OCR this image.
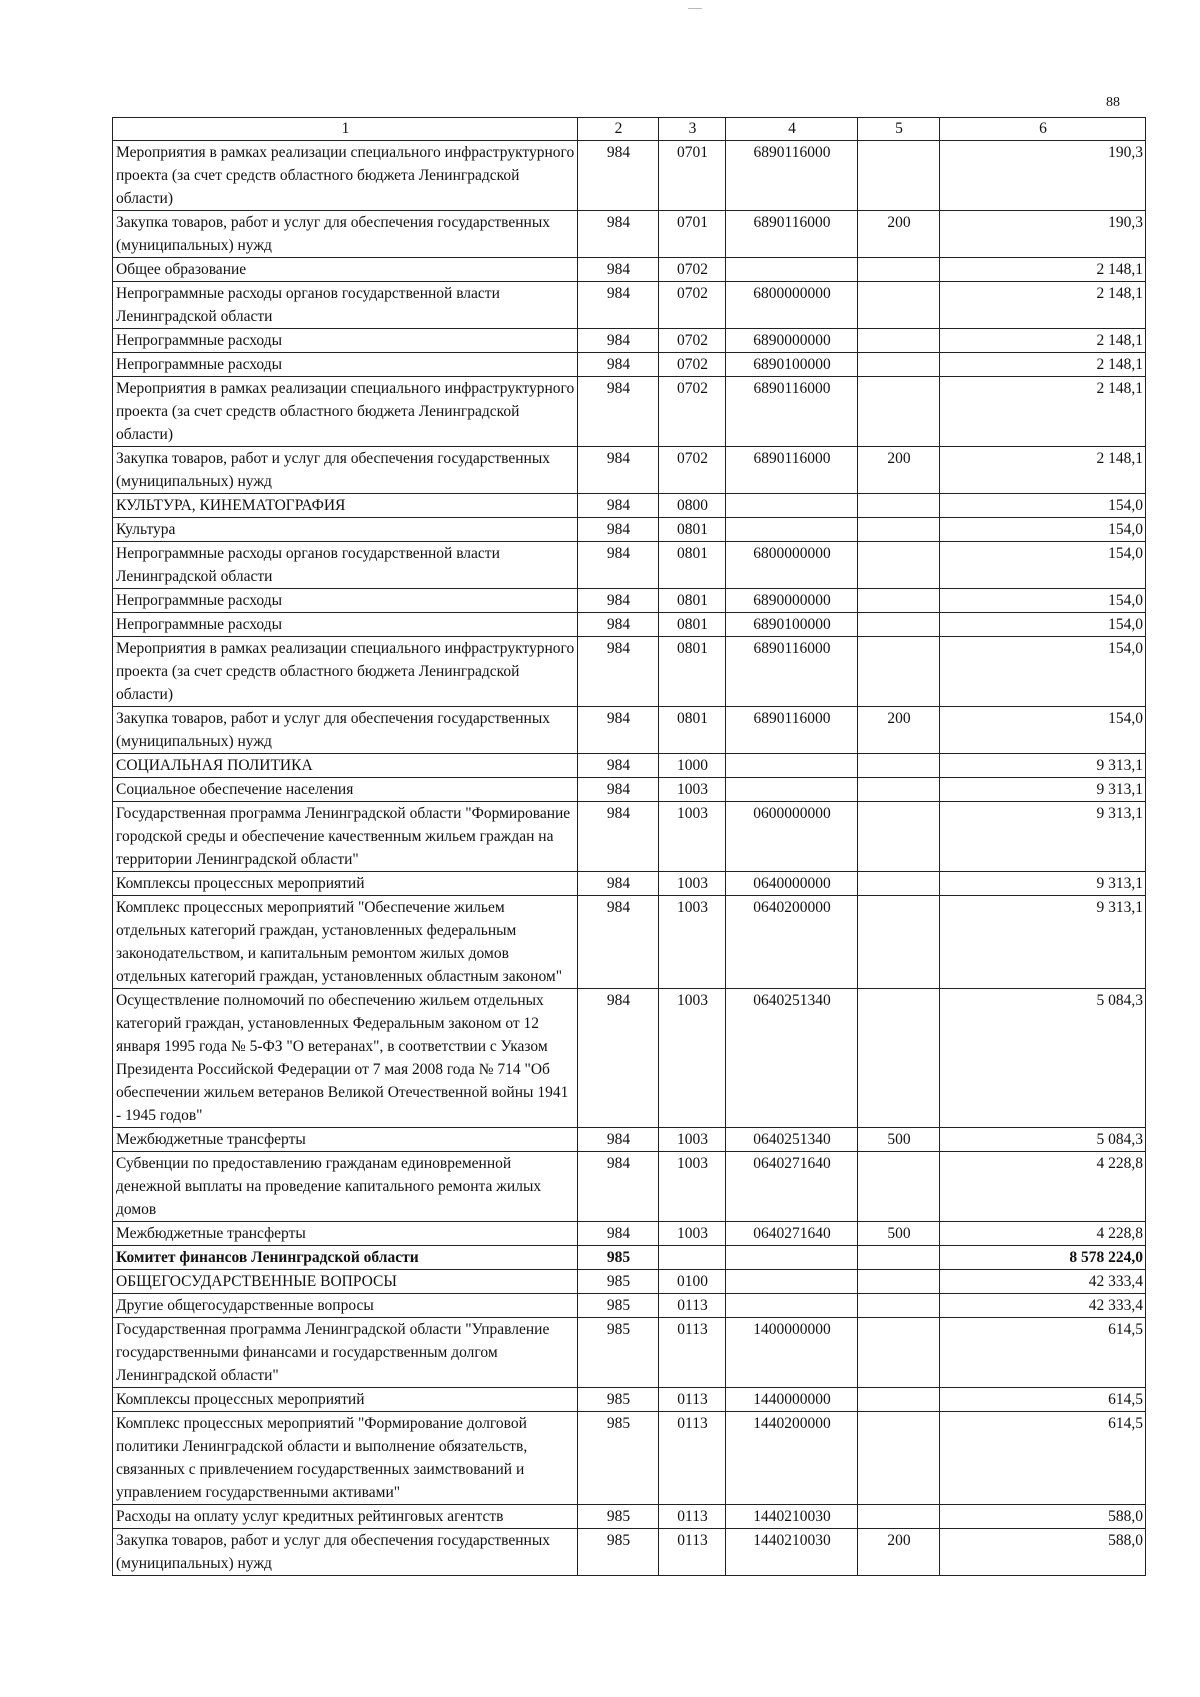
88
1	2	3	4	5	6
Мероприятия в рамках реализации специального инфраструктурного проекта (за счет средств областного бюджета Ленинградской области)	984	0701	6890116000		190,3
Закупка товаров, работ и услуг для обеспечения государственных (муниципальных) нужд	984	0701	6890116000	200	190,3
Общее образование	984	0702			2 148,1
Непрограммные расходы органов государственной власти Ленинградской области	984	0702	6800000000		2 148,1
Непрограммные расходы	984	0702	6890000000		2 148,1
Непрограммные расходы	984	0702	6890100000		2 148,1
Мероприятия в рамках реализации специального инфраструктурного проекта (за счет средств областного бюджета Ленинградской области)	984	0702	6890116000		2 148,1
Закупка товаров, работ и услуг для обеспечения государственных (муниципальных) нужд	984	0702	6890116000	200	2 148,1
КУЛЬТУРА, КИНЕМАТОГРАФИЯ	984	0800			154,0
Культура	984	0801			154,0
Непрограммные расходы органов государственной власти Ленинградской области	984	0801	6800000000		154,0
Непрограммные расходы	984	0801	6890000000		154,0
Непрограммные расходы	984	0801	6890100000		154,0
Мероприятия в рамках реализации специального инфраструктурного проекта (за счет средств областного бюджета Ленинградской области)	984	0801	6890116000		154,0
Закупка товаров, работ и услуг для обеспечения государственных (муниципальных) нужд	984	0801	6890116000	200	154,0
СОЦИАЛЬНАЯ ПОЛИТИКА	984	1000			9 313,1
Социальное обеспечение населения	984	1003			9 313,1
Государственная программа Ленинградской области "Формирование городской среды и обеспечение качественным жильем граждан на территории Ленинградской области"	984	1003	0600000000		9 313,1
Комплексы процессных мероприятий	984	1003	0640000000		9 313,1
Комплекс процессных мероприятий "Обеспечение жильем отдельных категорий граждан, установленных федеральным законодательством, и капитальным ремонтом жилых домов отдельных категорий граждан, установленных областным законом"	984	1003	0640200000		9 313,1
Осуществление полномочий по обеспечению жильем отдельных категорий граждан, установленных Федеральным законом от 12 января 1995 года № 5-ФЗ "О ветеранах", в соответствии с Указом Президента Российской Федерации от 7 мая 2008 года № 714 "Об обеспечении жильем ветеранов Великой Отечественной войны 1941 - 1945 годов"	984	1003	0640251340		5 084,3
Межбюджетные трансферты	984	1003	0640251340	500	5 084,3
Субвенции по предоставлению гражданам единовременной денежной выплаты на проведение капитального ремонта жилых домов	984	1003	0640271640		4 228,8
Межбюджетные трансферты	984	1003	0640271640	500	4 228,8
Комитет финансов Ленинградской области	985				8 578 224,0
ОБЩЕГОСУДАРСТВЕННЫЕ ВОПРОСЫ	985	0100			42 333,4
Другие общегосударственные вопросы	985	0113			42 333,4
Государственная программа Ленинградской области "Управление государственными финансами и государственным долгом Ленинградской области"	985	0113	1400000000		614,5
Комплексы процессных мероприятий	985	0113	1440000000		614,5
Комплекс процессных мероприятий "Формирование долговой политики Ленинградской области и выполнение обязательств, связанных с привлечением государственных заимствований и управлением государственными активами"	985	0113	1440200000		614,5
Расходы на оплату услуг кредитных рейтинговых агентств	985	0113	1440210030		588,0
Закупка товаров, работ и услуг для обеспечения государственных (муниципальных) нужд	985	0113	1440210030	200	588,0
